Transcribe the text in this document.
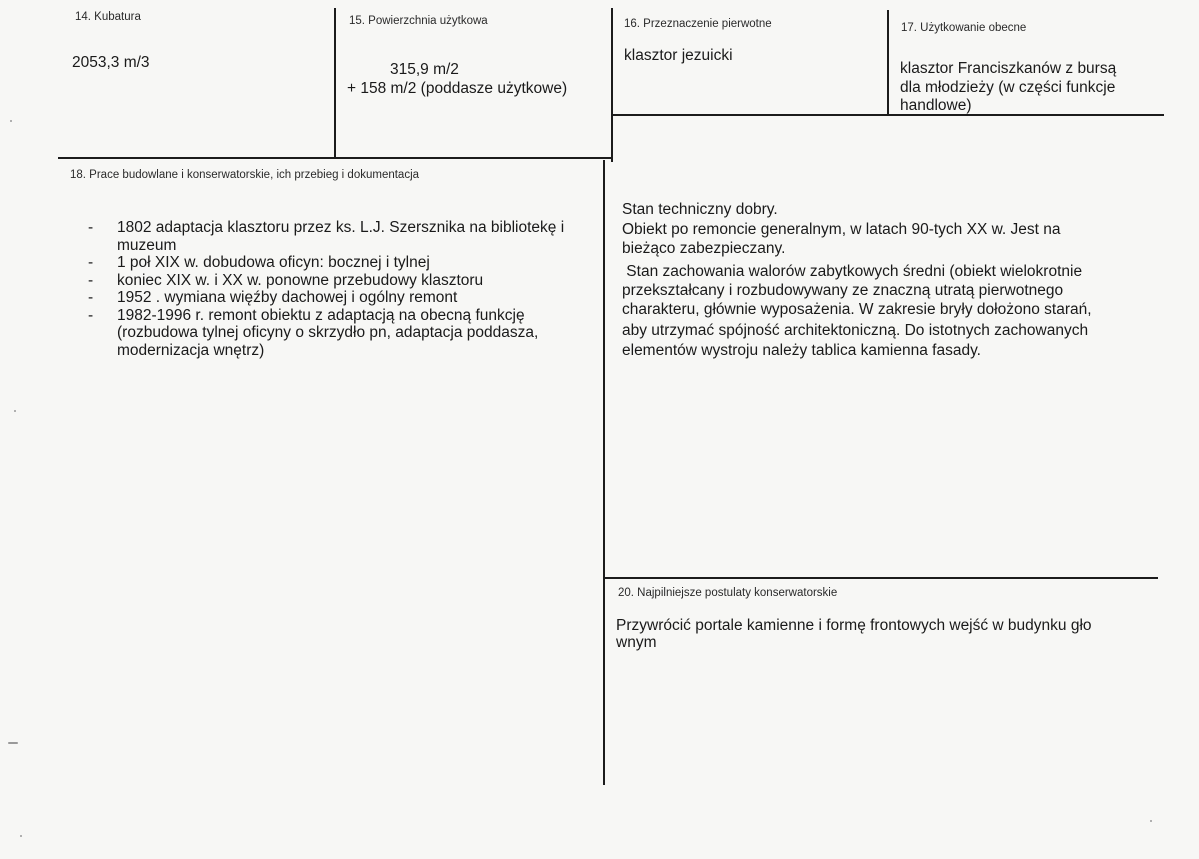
14. Kubatura
2053,3 m/3
15. Powierzchnia użytkowa
315,9 m/2
+ 158 m/2 (poddasze użytkowe)
16. Przeznaczenie pierwotne
klasztor jezuicki
17. Użytkowanie obecne
klasztor Franciszkanów z bursą
dla młodzieży (w części funkcje
handlowe)
18. Prace budowlane i konserwatorskie, ich przebieg i dokumentacja
- 1802 adaptacja klasztoru przez ks. L.J. Szersznika na bibliotekę i muzeum
- 1 poł XIX w. dobudowa oficyn: bocznej i tylnej
- koniec XIX w. i XX w. ponowne przebudowy klasztoru
- 1952 . wymiana więźby dachowej i ogólny remont
- 1982-1996 r. remont obiektu z adaptacją na obecną funkcję (rozbudowa tylnej oficyny o skrzydło pn, adaptacja poddasza, modernizacja wnętrz)
Stan techniczny dobry.
Obiekt po remoncie generalnym, w latach 90-tych XX w. Jest na
bieżąco zabezpieczany.
Stan zachowania walorów zabytkowych średni (obiekt wielokrotnie
przekształcany i rozbudowywany ze znaczną utratą pierwotnego
charakteru, głównie wyposażenia. W zakresie bryły dołożono starań,
aby utrzymać spójność architektoniczną. Do istotnych zachowanych
elementów wystroju należy tablica kamienna fasady.
20. Najpilniejsze postulaty konserwatorskie
Przywrócić portale kamienne i formę frontowych wejść w budynku gło
wnym
